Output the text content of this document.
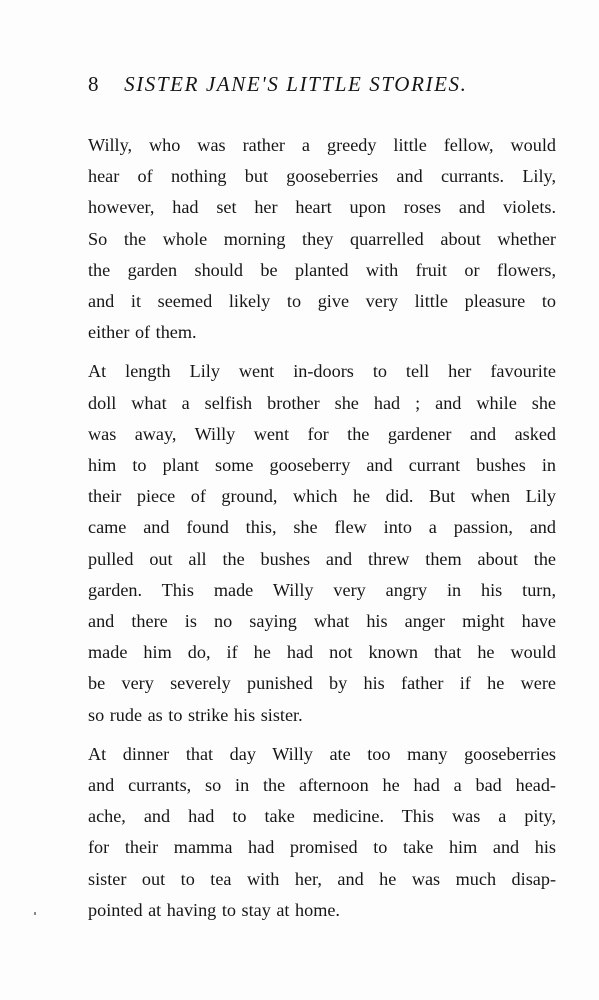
8 SISTER JANE'S LITTLE STORIES.

Willy, who was rather a greedy little fellow, would
hear of nothing but gooseberries and currants. Lily,
however, had set her heart upon roses and violets.
So the whole morning they quarrelled about whether
the garden should be planted with fruit or flowers,
and it seemed likely to give very little pleasure to
either of them.

At length Lily went in-doors to tell her favourite
doll what a selfish brother she had ; and while she
was away, Willy went for the gardener and asked
him to plant some gooseberry and currant bushes in
their piece of ground, which he did. But when Lily
came and found this, she flew into a passion, and
pulled out all the bushes and threw them about the
garden. This made Willy very angry in his turn,
and there is no saying what his anger might have
made him do, if he had not known that he would
be very severely punished by his father if he were
so rude as to strike his sister.

At dinner that day Willy ate too many gooseberries
and currants, so in the afternoon he had a bad head-
ache, and had to take medicine. This was a pity,
for their mamma had promised to take him and his
sister out to tea with her, and he was much disap-
pointed at having to stay at home.
